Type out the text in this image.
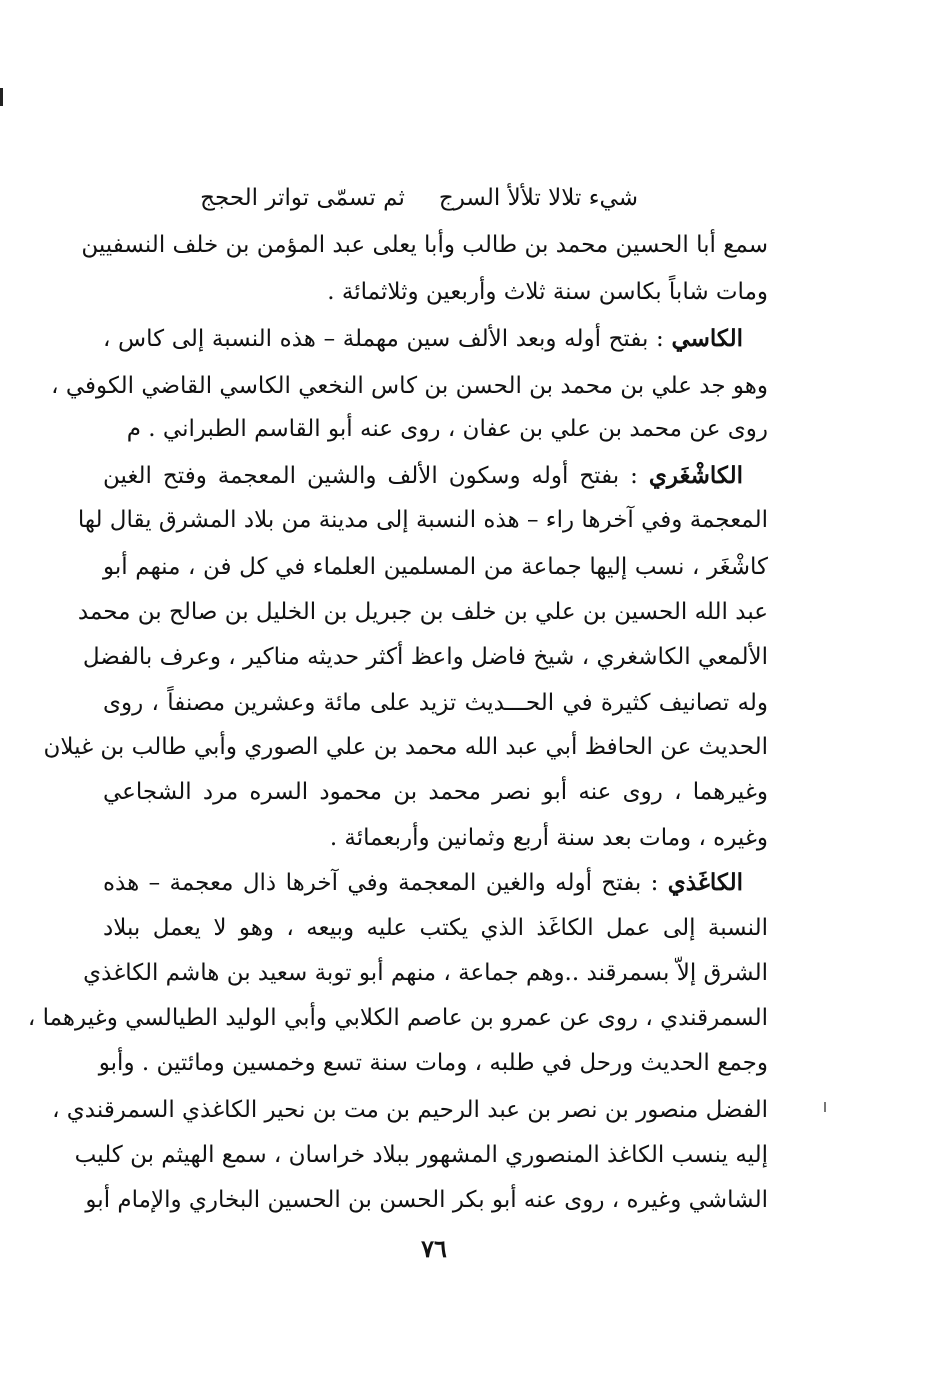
شيء تلالا تلألأ السرجثم تسمّى تواتر الحجج
سمع أبا الحسين محمد بن طالب وأبا يعلى عبد المؤمن بن خلف النسفيين
ومات شاباً بكاسن سنة ثلاث وأربعين وثلاثمائة .
الكاسي : بفتح أوله وبعد الألف سين مهملة – هذه النسبة إلى كاس ،
وهو جد علي بن محمد بن الحسن بن كاس النخعي الكاسي القاضي الكوفي ،
روى عن محمد بن علي بن عفان ، روى عنه أبو القاسم الطبراني . م
الكاشْغَري : بفتح أوله وسكون الألف والشين المعجمة وفتح الغين
المعجمة وفي آخرها راء – هذه النسبة إلى مدينة من بلاد المشرق يقال لها
كاشْغَر ، نسب إليها جماعة من المسلمين العلماء في كل فن ، منهم أبو
عبد الله الحسين بن علي بن خلف بن جبريل بن الخليل بن صالح بن محمد
الألمعي الكاشغري ، شيخ فاضل واعظ أكثر حديثه مناكير ، وعرف بالفضل
وله تصانيف كثيرة في الحـــديث تزيد على مائة وعشرين مصنفاً ، روى
الحديث عن الحافظ أبي عبد الله محمد بن علي الصوري وأبي طالب بن غيلان
وغيرهما ، روى عنه أبو نصر محمد بن محمود السره مرد الشجاعي
وغيره ، ومات بعد سنة أربع وثمانين وأربعمائة .
الكاغَذي : بفتح أوله والغين المعجمة وفي آخرها ذال معجمة – هذه
النسبة إلى عمل الكاغَذ الذي يكتب عليه وبيعه ، وهو لا يعمل ببلاد
الشرق إلاّ بسمرقند ..وهم جماعة ، منهم أبو توبة سعيد بن هاشم الكاغذي
السمرقندي ، روى عن عمرو بن عاصم الكلابي وأبي الوليد الطيالسي وغيرهما ،
وجمع الحديث ورحل في طلبه ، ومات سنة تسع وخمسين ومائتين . وأبو
الفضل منصور بن نصر بن عبد الرحيم بن مت بن نحير الكاغذي السمرقندي ،
إليه ينسب الكاغذ المنصوري المشهور ببلاد خراسان ، سمع الهيثم بن كليب
الشاشي وغيره ، روى عنه أبو بكر الحسن بن الحسين البخاري والإمام أبو
٧٦
